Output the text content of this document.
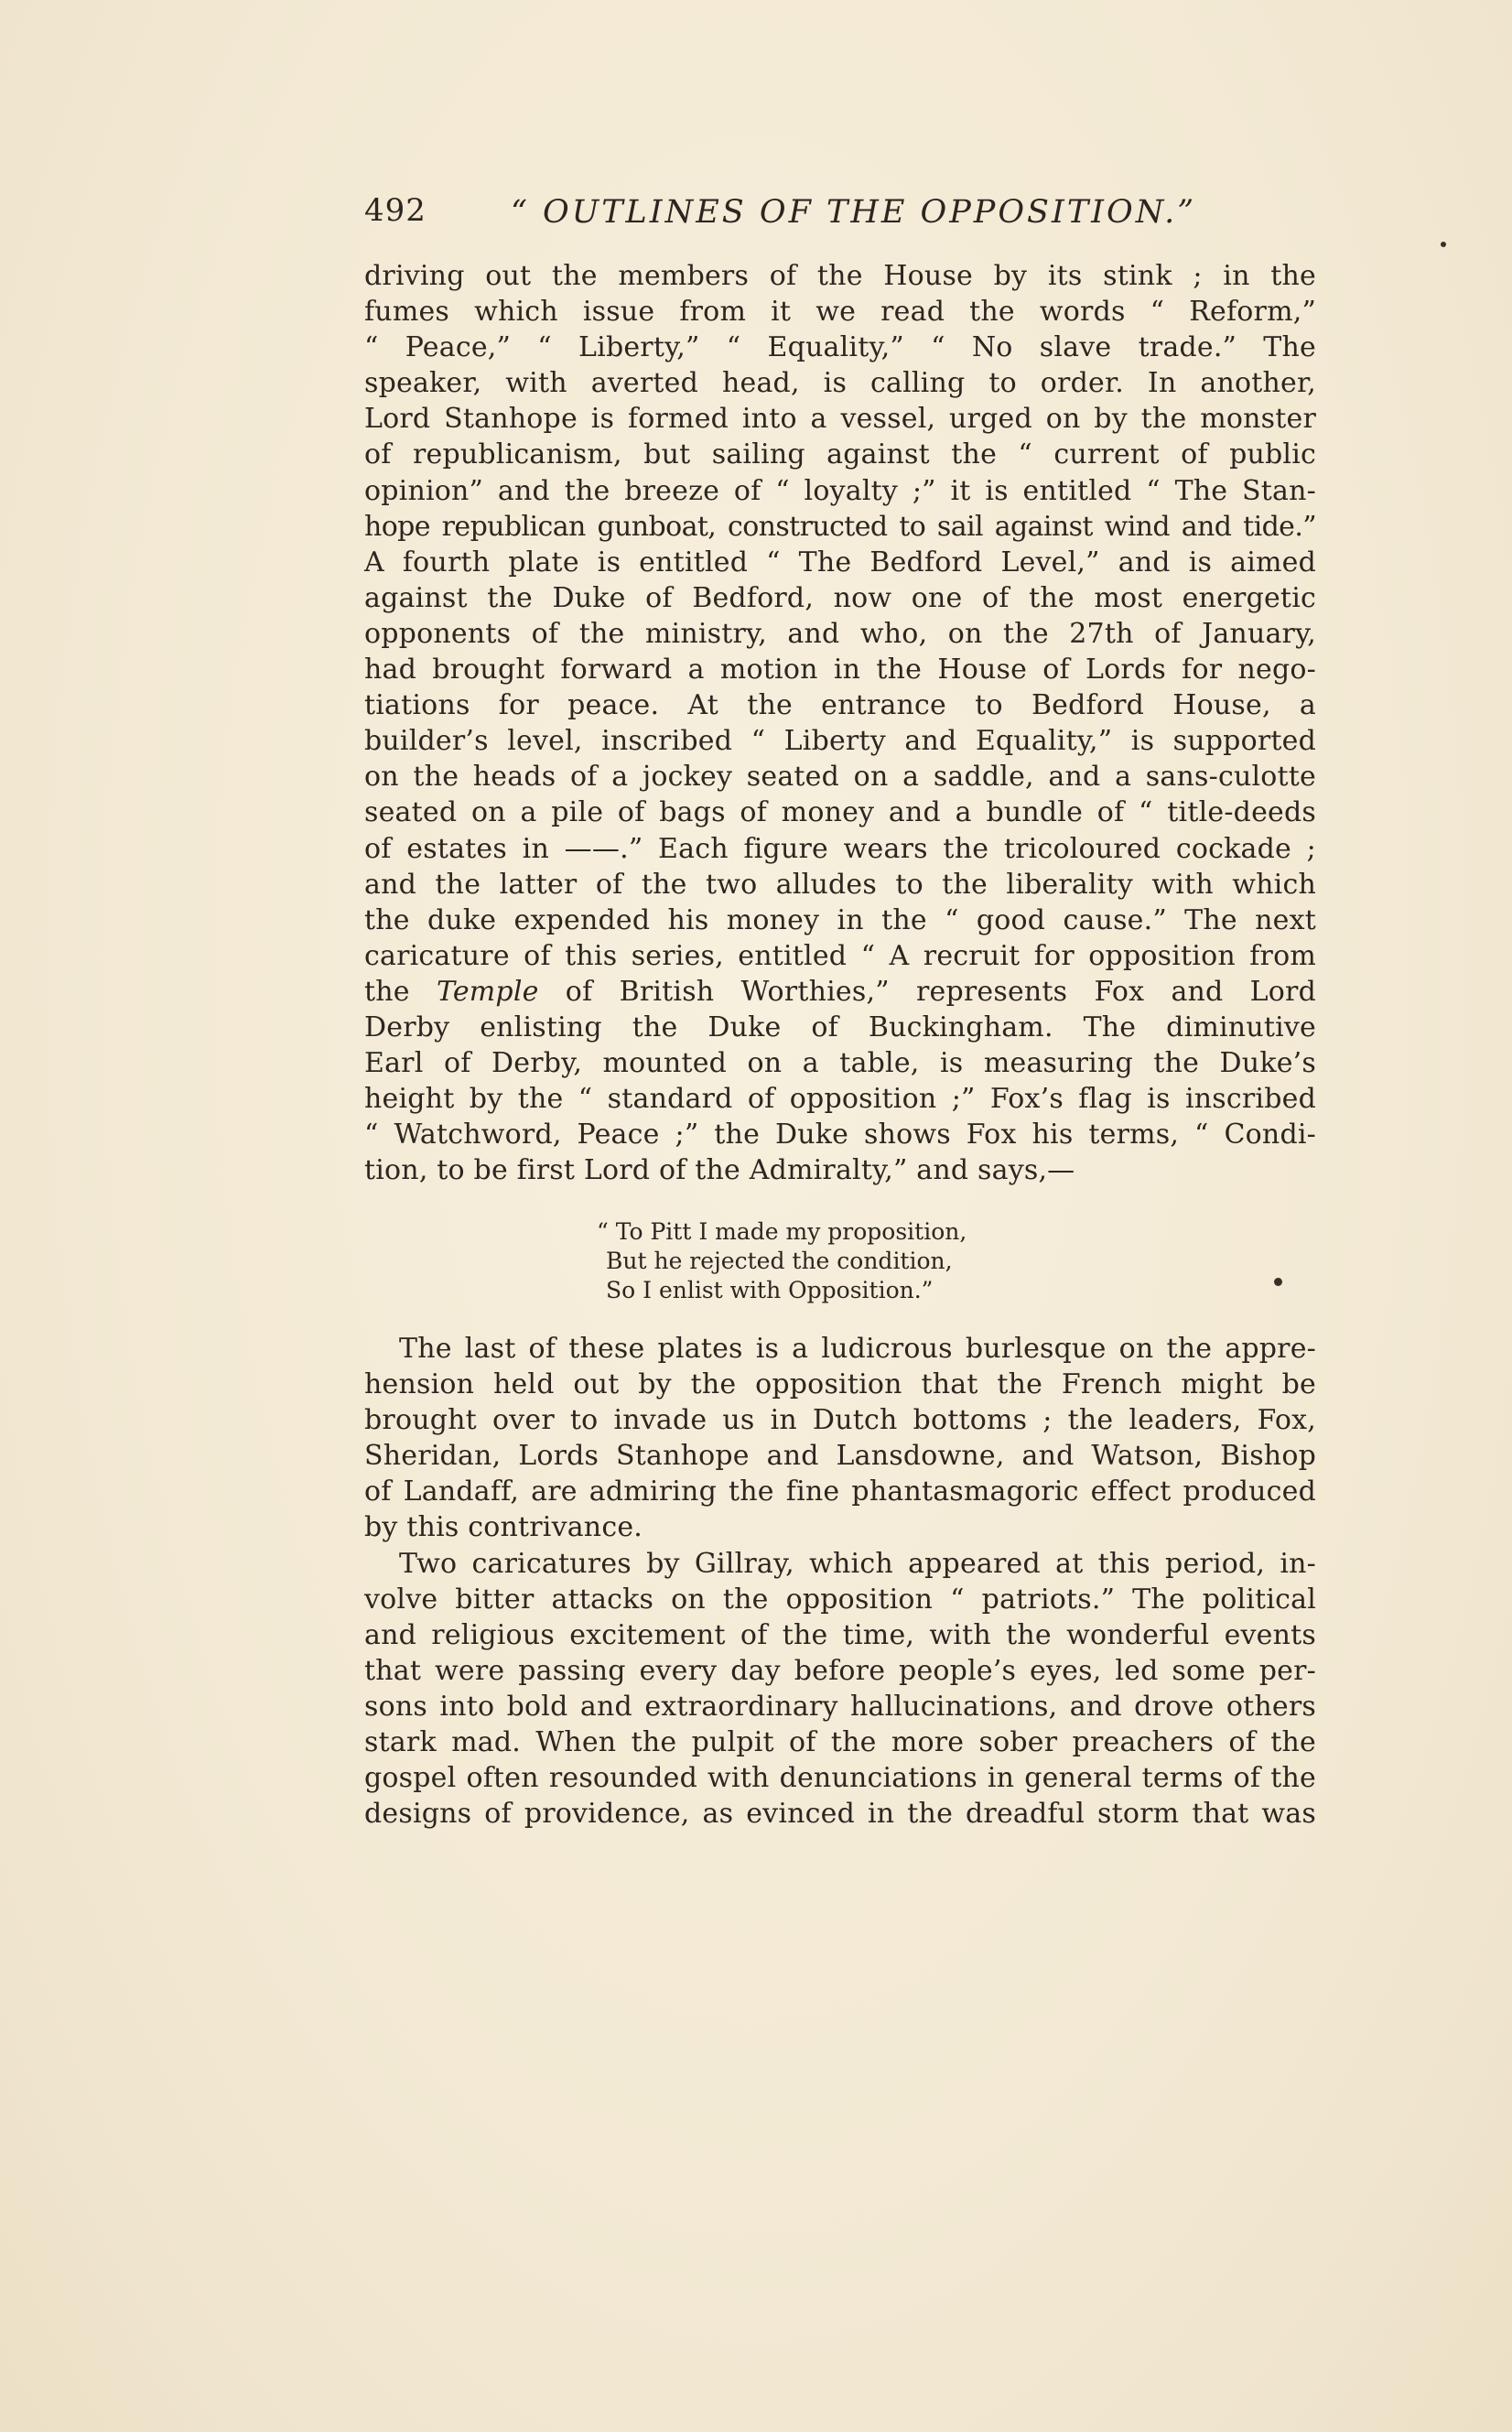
492	“ OUTLINES OF THE OPPOSITION.”
driving out the members of the House by its stink ; in the
fumes which issue from it we read the words “ Reform,”
“ Peace,” “ Liberty,” “ Equality,” “ No slave trade.” The
speaker, with averted head, is calling to order. In another,
Lord Stanhope is formed into a vessel, urged on by the monster
of republicanism, but sailing against the “ current of public
opinion” and the breeze of “ loyalty ;” it is entitled “ The Stan-
hope republican gunboat, constructed to sail against wind and tide.”
A fourth plate is entitled “ The Bedford Level,” and is aimed
against the Duke of Bedford, now one of the most energetic
opponents of the ministry, and who, on the 27th of January,
had brought forward a motion in the House of Lords for nego-
tiations for peace. At the entrance to Bedford House, a
builder’s level, inscribed “ Liberty and Equality,” is supported
on the heads of a jockey seated on a saddle, and a sans-culotte
seated on a pile of bags of money and a bundle of “ title-deeds
of estates in ——.” Each figure wears the tricoloured cockade ;
and the latter of the two alludes to the liberality with which
the duke expended his money in the “ good cause.” The next
caricature of this series, entitled “ A recruit for opposition from
the Temple of British Worthies,” represents Fox and Lord
Derby enlisting the Duke of Buckingham. The diminutive
Earl of Derby, mounted on a table, is measuring the Duke’s
height by the “ standard of opposition ;” Fox’s flag is inscribed
“ Watchword, Peace ;” the Duke shows Fox his terms, “ Condi-
tion, to be first Lord of the Admiralty,” and says,—
“ To Pitt I made my proposition,
But he rejected the condition,
So I enlist with Opposition.”
The last of these plates is a ludicrous burlesque on the appre-
hension held out by the opposition that the French might be
brought over to invade us in Dutch bottoms ; the leaders, Fox,
Sheridan, Lords Stanhope and Lansdowne, and Watson, Bishop
of Landaff, are admiring the fine phantasmagoric effect produced
by this contrivance.
Two caricatures by Gillray, which appeared at this period, in-
volve bitter attacks on the opposition “ patriots.” The political
and religious excitement of the time, with the wonderful events
that were passing every day before people’s eyes, led some per-
sons into bold and extraordinary hallucinations, and drove others
stark mad. When the pulpit of the more sober preachers of the
gospel often resounded with denunciations in general terms of the
designs of providence, as evinced in the dreadful storm that was
